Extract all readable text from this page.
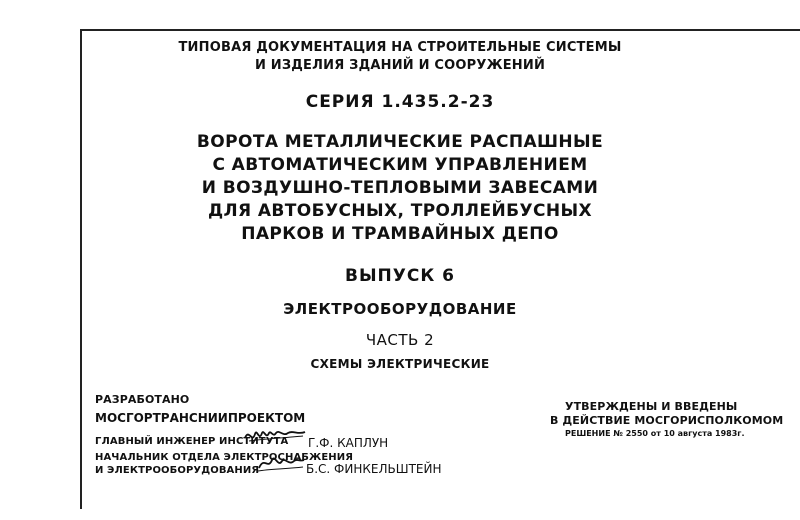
ТИПОВАЯ ДОКУМЕНТАЦИЯ НА СТРОИТЕЛЬНЫЕ СИСТЕМЫ
И ИЗДЕЛИЯ ЗДАНИЙ И СООРУЖЕНИЙ
СЕРИЯ 1.435.2-23
ВОРОТА МЕТАЛЛИЧЕСКИЕ РАСПАШНЫЕ
С АВТОМАТИЧЕСКИМ УПРАВЛЕНИЕМ
И ВОЗДУШНО-ТЕПЛОВЫМИ ЗАВЕСАМИ
ДЛЯ АВТОБУСНЫХ, ТРОЛЛЕЙБУСНЫХ
ПАРКОВ И ТРАМВАЙНЫХ ДЕПО
ВЫПУСК 6
ЭЛЕКТРООБОРУДОВАНИЕ
ЧАСТЬ 2
СХЕМЫ ЭЛЕКТРИЧЕСКИЕ
РАЗРАБОТАНО
МОСГОРТРАНСНИИПРОЕКТОМ
ГЛАВНЫЙ ИНЖЕНЕР ИНСТИТУТА Г.Ф. КАПЛУН
НАЧАЛЬНИК ОТДЕЛА ЭЛЕКТРОСНАБЖЕНИЯ
И ЭЛЕКТРООБОРУДОВАНИЯ	Б.С. ФИНКЕЛЬШТЕЙН
УТВЕРЖДЕНЫ И ВВЕДЕНЫ
В ДЕЙСТВИЕ МОСГОРИСПОЛКОМОМ
РЕШЕНИЕ № 2550 от 10 августа 1983г.
